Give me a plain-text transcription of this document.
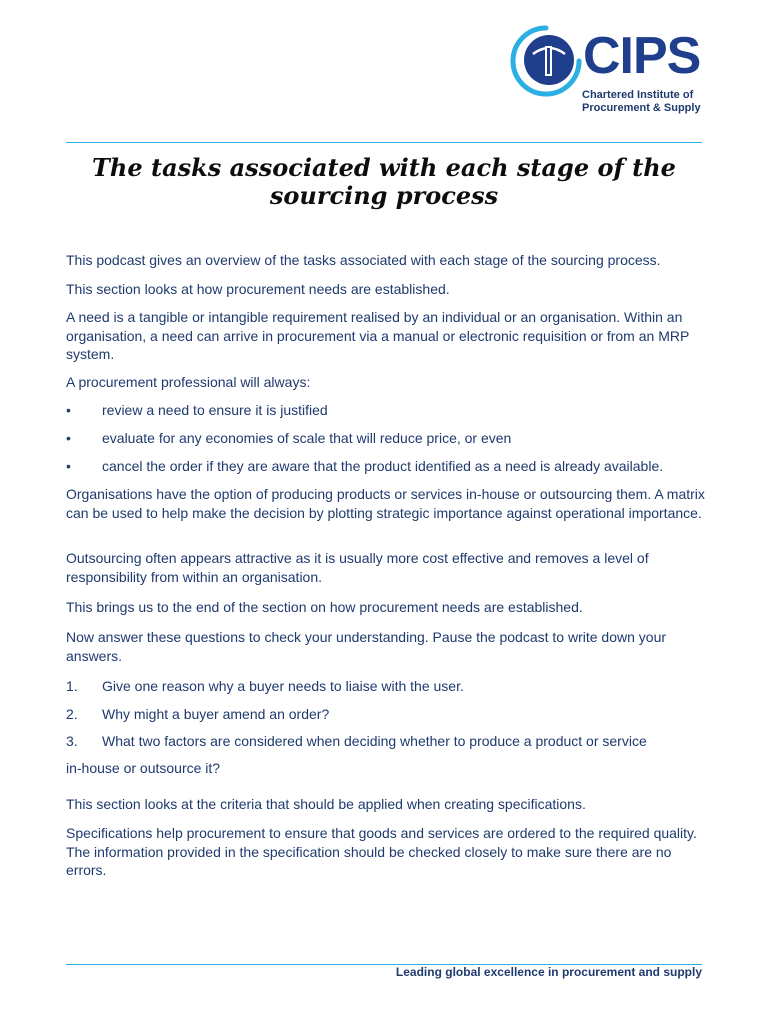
CIPS
Chartered Institute of
Procurement & Supply
The tasks associated with each stage of the
sourcing process

This podcast gives an overview of the tasks associated with each stage of the sourcing process.

This section looks at how procurement needs are established.

A need is a tangible or intangible requirement realised by an individual or an organisation. Within an organisation, a need can arrive in procurement via a manual or electronic requisition or from an MRP system.

A procurement professional will always:

• review a need to ensure it is justified
• evaluate for any economies of scale that will reduce price, or even
• cancel the order if they are aware that the product identified as a need is already available.

Organisations have the option of producing products or services in-house or outsourcing them. A matrix can be used to help make the decision by plotting strategic importance against operational importance.

Outsourcing often appears attractive as it is usually more cost effective and removes a level of responsibility from within an organisation.

This brings us to the end of the section on how procurement needs are established.

Now answer these questions to check your understanding. Pause the podcast to write down your answers.

1. Give one reason why a buyer needs to liaise with the user.
2. Why might a buyer amend an order?
3. What two factors are considered when deciding whether to produce a product or service

in-house or outsource it?

This section looks at the criteria that should be applied when creating specifications.

Specifications help procurement to ensure that goods and services are ordered to the required quality. The information provided in the specification should be checked closely to make sure there are no errors.

Leading global excellence in procurement and supply
